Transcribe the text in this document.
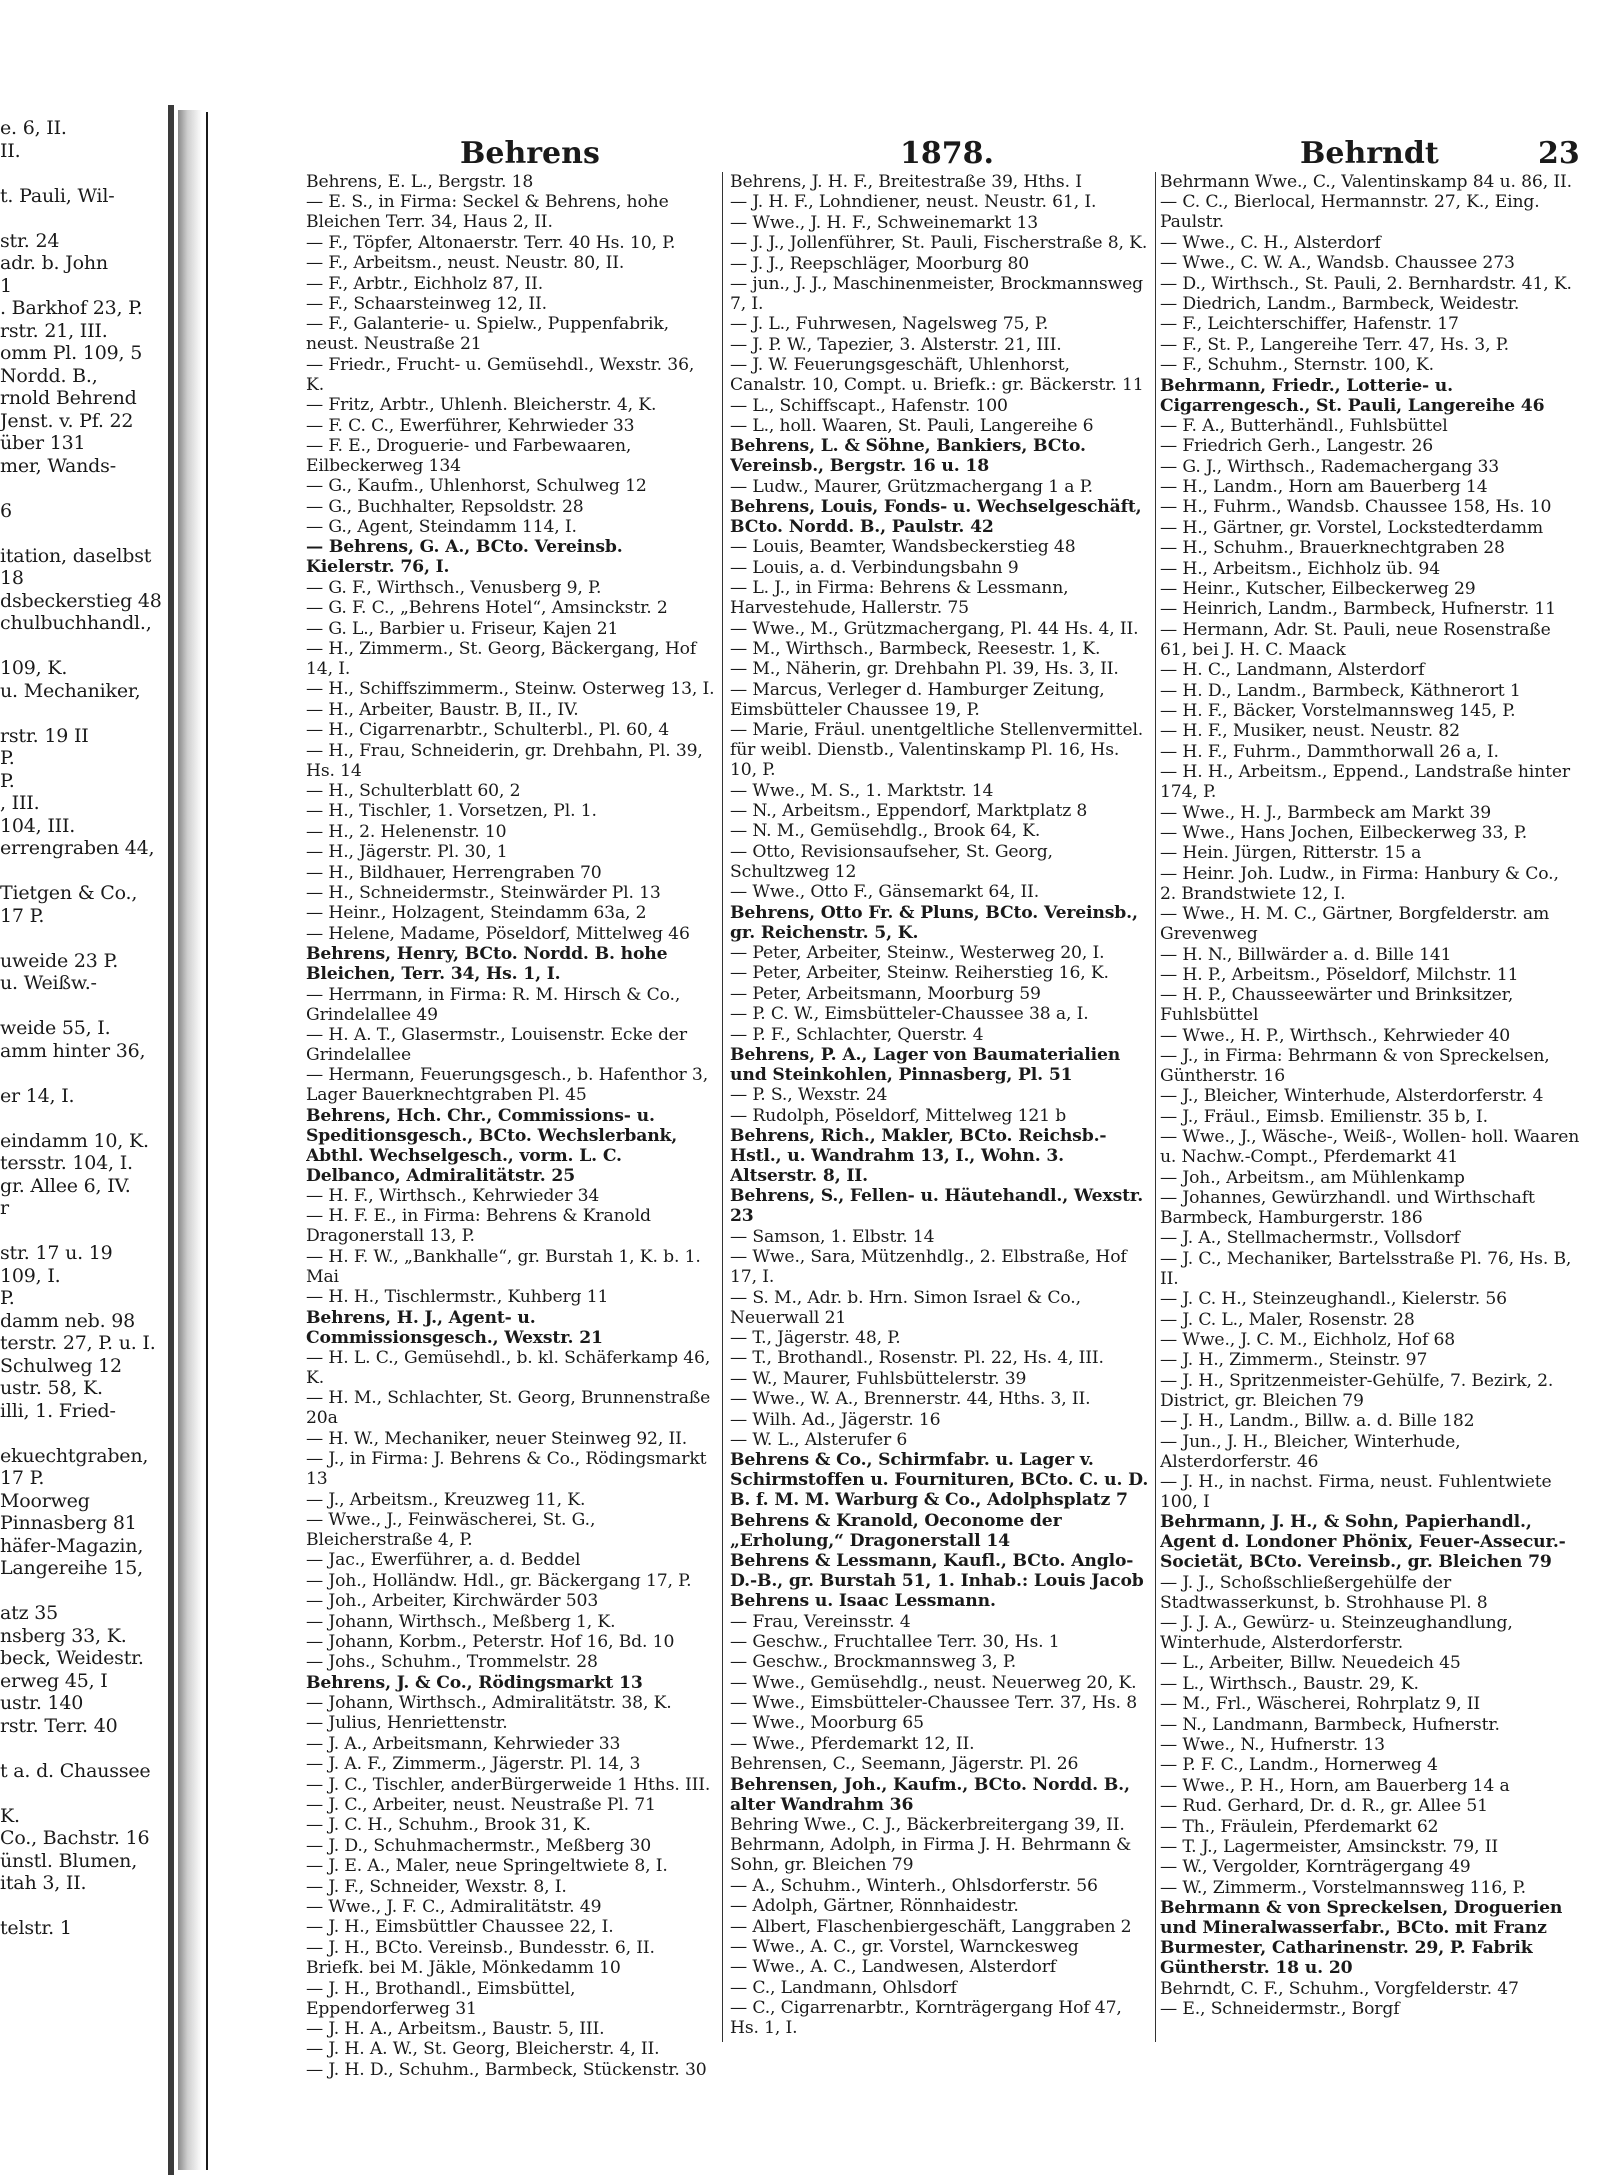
e. 6, II.
II.
t. Pauli, Wil-
str. 24
adr. b. John
1
. Barkhof 23, P.
rstr. 21, III.
omm Pl. 109, 5
Nordd. B.,
rnold Behrend
Jenst. v. Pf. 22
über 131
mer, Wands-
6
itation, daselbst
18
dsbeckerstieg 48
chulbuchhandl.,
109, K.
u. Mechaniker,
rstr. 19 II
P.
P.
, III.
104, III.
errengraben 44,
Tietgen & Co.,
17 P.
uweide 23 P.
u. Weißw.-
weide 55, I.
amm hinter 36,
er 14, I.
eindamm 10, K.
tersstr. 104, I.
gr. Allee 6, IV.
r
str. 17 u. 19
109, I.
P.
damm neb. 98
terstr. 27, P. u. I.
Schulweg 12
ustr. 58, K.
illi, 1. Fried-
ekuechtgraben,
17 P.
Moorweg
Pinnasberg 81
häfer-Magazin,
Langereihe 15,
atz 35
nsberg 33, K.
beck, Weidestr.
erweg 45, I
ustr. 140
rstr. Terr. 40
t a. d. Chaussee
K.
Co., Bachstr. 16
ünstl. Blumen,
itah 3, II.
telstr. 1
Behrens	1878.	Behrndt	23
Behrens, E. L., Bergstr. 18
— E. S., in Firma: Seckel & Behrens, hohe Bleichen Terr. 34, Haus 2, II.
— F., Töpfer, Altonaerstr. Terr. 40 Hs. 10, P.
— F., Arbeitsm., neust. Neustr. 80, II.
— F., Arbtr., Eichholz 87, II.
— F., Schaarsteinweg 12, II.
— F., Galanterie- u. Spielw., Puppenfabrik, neust. Neustraße 21
— Friedr., Frucht- u. Gemüsehdl., Wexstr. 36, K.
— Fritz, Arbtr., Uhlenh. Bleicherstr. 4, K.
— F. C. C., Ewerführer, Kehrwieder 33
— F. E., Droguerie- und Farbewaaren, Eilbeckerweg 134
— G., Kaufm., Uhlenhorst, Schulweg 12
— G., Buchhalter, Repsoldstr. 28
— G., Agent, Steindamm 114, I.
— Behrens, G. A., BCto. Vereinsb. Kielerstr. 76, I.
— G. F., Wirthsch., Venusberg 9, P.
— G. F. C., „Behrens Hotel“, Amsinckstr. 2
— G. L., Barbier u. Friseur, Kajen 21
— H., Zimmerm., St. Georg, Bäckergang, Hof 14, I.
— H., Schiffszimmerm., Steinw. Osterweg 13, I.
— H., Arbeiter, Baustr. B, II., IV.
— H., Cigarrenarbtr., Schulterbl., Pl. 60, 4
— H., Frau, Schneiderin, gr. Drehbahn, Pl. 39, Hs. 14
— H., Schulterblatt 60, 2
— H., Tischler, 1. Vorsetzen, Pl. 1.
— H., 2. Helenenstr. 10
— H., Jägerstr. Pl. 30, 1
— H., Bildhauer, Herrengraben 70
— H., Schneidermstr., Steinwärder Pl. 13
— Heinr., Holzagent, Steindamm 63a, 2
— Helene, Madame, Pöseldorf, Mittelweg 46
Behrens, Henry, BCto. Nordd. B. hohe Bleichen, Terr. 34, Hs. 1, I.
— Herrmann, in Firma: R. M. Hirsch & Co., Grindelallee 49
— H. A. T., Glasermstr., Louisenstr. Ecke der Grindelallee
— Hermann, Feuerungsgesch., b. Hafenthor 3, Lager Bauerknechtgraben Pl. 45
Behrens, Hch. Chr., Commissions- u. Speditionsgesch., BCto. Wechslerbank, Abthl. Wechselgesch., vorm. L. C. Delbanco, Admiralitätstr. 25
— H. F., Wirthsch., Kehrwieder 34
— H. F. E., in Firma: Behrens & Kranold Dragonerstall 13, P.
— H. F. W., „Bankhalle“, gr. Burstah 1, K. b. 1. Mai
— H. H., Tischlermstr., Kuhberg 11
Behrens, H. J., Agent- u. Commissionsgesch., Wexstr. 21
— H. L. C., Gemüsehdl., b. kl. Schäferkamp 46, K.
— H. M., Schlachter, St. Georg, Brunnenstraße 20a
— H. W., Mechaniker, neuer Steinweg 92, II.
— J., in Firma: J. Behrens & Co., Rödingsmarkt 13
— J., Arbeitsm., Kreuzweg 11, K.
— Wwe., J., Feinwäscherei, St. G., Bleicherstraße 4, P.
— Jac., Ewerführer, a. d. Beddel
— Joh., Holländw. Hdl., gr. Bäckergang 17, P.
— Joh., Arbeiter, Kirchwärder 503
— Johann, Wirthsch., Meßberg 1, K.
— Johann, Korbm., Peterstr. Hof 16, Bd. 10
— Johs., Schuhm., Trommelstr. 28
Behrens, J. & Co., Rödingsmarkt 13
— Johann, Wirthsch., Admiralitätstr. 38, K.
— Julius, Henriettenstr.
— J. A., Arbeitsmann, Kehrwieder 33
— J. A. F., Zimmerm., Jägerstr. Pl. 14, 3
— J. C., Tischler, anderBürgerweide 1 Hths. III.
— J. C., Arbeiter, neust. Neustraße Pl. 71
— J. C. H., Schuhm., Brook 31, K.
— J. D., Schuhmachermstr., Meßberg 30
— J. E. A., Maler, neue Springeltwiete 8, I.
— J. F., Schneider, Wexstr. 8, I.
— Wwe., J. F. C., Admiralitätstr. 49
— J. H., Eimsbüttler Chaussee 22, I.
— J. H., BCto. Vereinsb., Bundesstr. 6, II.
Briefk. bei M. Jäkle, Mönkedamm 10
— J. H., Brothandl., Eimsbüttel, Eppendorferweg 31
— J. H. A., Arbeitsm., Baustr. 5, III.
— J. H. A. W., St. Georg, Bleicherstr. 4, II.
— J. H. D., Schuhm., Barmbeck, Stückenstr. 30
Behrens, J. H. F., Breitestraße 39, Hths. I
— J. H. F., Lohndiener, neust. Neustr. 61, I.
— Wwe., J. H. F., Schweinemarkt 13
— J. J., Jollenführer, St. Pauli, Fischerstraße 8, K.
— J. J., Reepschläger, Moorburg 80
— jun., J. J., Maschinenmeister, Brockmannsweg 7, I.
— J. L., Fuhrwesen, Nagelsweg 75, P.
— J. P. W., Tapezier, 3. Alsterstr. 21, III.
— J. W. Feuerungsgeschäft, Uhlenhorst, Canalstr. 10, Compt. u. Briefk.: gr. Bäckerstr. 11
— L., Schiffscapt., Hafenstr. 100
— L., holl. Waaren, St. Pauli, Langereihe 6
Behrens, L. & Söhne, Bankiers, BCto. Vereinsb., Bergstr. 16 u. 18
— Ludw., Maurer, Grützmachergang 1 a P.
Behrens, Louis, Fonds- u. Wechselgeschäft, BCto. Nordd. B., Paulstr. 42
— Louis, Beamter, Wandsbeckerstieg 48
— Louis, a. d. Verbindungsbahn 9
— L. J., in Firma: Behrens & Lessmann, Harvestehude, Hallerstr. 75
— Wwe., M., Grützmachergang, Pl. 44 Hs. 4, II.
— M., Wirthsch., Barmbeck, Reesestr. 1, K.
— M., Näherin, gr. Drehbahn Pl. 39, Hs. 3, II.
— Marcus, Verleger d. Hamburger Zeitung, Eimsbütteler Chaussee 19, P.
— Marie, Fräul. unentgeltliche Stellenvermittel. für weibl. Dienstb., Valentinskamp Pl. 16, Hs. 10, P.
— Wwe., M. S., 1. Marktstr. 14
— N., Arbeitsm., Eppendorf, Marktplatz 8
— N. M., Gemüsehdlg., Brook 64, K.
— Otto, Revisionsaufseher, St. Georg, Schultzweg 12
— Wwe., Otto F., Gänsemarkt 64, II.
Behrens, Otto Fr. & Pluns, BCto. Vereinsb., gr. Reichenstr. 5, K.
— Peter, Arbeiter, Steinw., Westerweg 20, I.
— Peter, Arbeiter, Steinw. Reiherstieg 16, K.
— Peter, Arbeitsmann, Moorburg 59
— P. C. W., Eimsbütteler-Chaussee 38 a, I.
— P. F., Schlachter, Querstr. 4
Behrens, P. A., Lager von Baumaterialien und Steinkohlen, Pinnasberg, Pl. 51
— P. S., Wexstr. 24
— Rudolph, Pöseldorf, Mittelweg 121 b
Behrens, Rich., Makler, BCto. Reichsb.-Hstl., u. Wandrahm 13, I., Wohn. 3. Altserstr. 8, II.
Behrens, S., Fellen- u. Häutehandl., Wexstr. 23
— Samson, 1. Elbstr. 14
— Wwe., Sara, Mützenhdlg., 2. Elbstraße, Hof 17, I.
— S. M., Adr. b. Hrn. Simon Israel & Co., Neuerwall 21
— T., Jägerstr. 48, P.
— T., Brothandl., Rosenstr. Pl. 22, Hs. 4, III.
— W., Maurer, Fuhlsbüttelerstr. 39
— Wwe., W. A., Brennerstr. 44, Hths. 3, II.
— Wilh. Ad., Jägerstr. 16
— W. L., Alsterufer 6
Behrens & Co., Schirmfabr. u. Lager v. Schirmstoffen u. Fournituren, BCto. C. u. D. B. f. M. M. Warburg & Co., Adolphsplatz 7
Behrens & Kranold, Oeconome der „Erholung,“ Dragonerstall 14
Behrens & Lessmann, Kaufl., BCto. Anglo-D.-B., gr. Burstah 51, 1. Inhab.: Louis Jacob Behrens u. Isaac Lessmann.
— Frau, Vereinsstr. 4
— Geschw., Fruchtallee Terr. 30, Hs. 1
— Geschw., Brockmannsweg 3, P.
— Wwe., Gemüsehdlg., neust. Neuerweg 20, K.
— Wwe., Eimsbütteler-Chaussee Terr. 37, Hs. 8
— Wwe., Moorburg 65
— Wwe., Pferdemarkt 12, II.
Behrensen, C., Seemann, Jägerstr. Pl. 26
Behrensen, Joh., Kaufm., BCto. Nordd. B., alter Wandrahm 36
Behring Wwe., C. J., Bäckerbreitergang 39, II.
Behrmann, Adolph, in Firma J. H. Behrmann & Sohn, gr. Bleichen 79
— A., Schuhm., Winterh., Ohlsdorferstr. 56
— Adolph, Gärtner, Rönnhaidestr.
— Albert, Flaschenbiergeschäft, Langgraben 2
— Wwe., A. C., gr. Vorstel, Warnckesweg
— Wwe., A. C., Landwesen, Alsterdorf
— C., Landmann, Ohlsdorf
— C., Cigarrenarbtr., Kornträgergang Hof 47, Hs. 1, I.
Behrmann Wwe., C., Valentinskamp 84 u. 86, II.
— C. C., Bierlocal, Hermannstr. 27, K., Eing. Paulstr.
— Wwe., C. H., Alsterdorf
— Wwe., C. W. A., Wandsb. Chaussee 273
— D., Wirthsch., St. Pauli, 2. Bernhardstr. 41, K.
— Diedrich, Landm., Barmbeck, Weidestr.
— F., Leichterschiffer, Hafenstr. 17
— F., St. P., Langereihe Terr. 47, Hs. 3, P.
— F., Schuhm., Sternstr. 100, K.
Behrmann, Friedr., Lotterie- u. Cigarrengesch., St. Pauli, Langereihe 46
— F. A., Butterhändl., Fuhlsbüttel
— Friedrich Gerh., Langestr. 26
— G. J., Wirthsch., Rademachergang 33
— H., Landm., Horn am Bauerberg 14
— H., Fuhrm., Wandsb. Chaussee 158, Hs. 10
— H., Gärtner, gr. Vorstel, Lockstedterdamm
— H., Schuhm., Brauerknechtgraben 28
— H., Arbeitsm., Eichholz üb. 94
— Heinr., Kutscher, Eilbeckerweg 29
— Heinrich, Landm., Barmbeck, Hufnerstr. 11
— Hermann, Adr. St. Pauli, neue Rosenstraße 61, bei J. H. C. Maack
— H. C., Landmann, Alsterdorf
— H. D., Landm., Barmbeck, Käthnerort 1
— H. F., Bäcker, Vorstelmannsweg 145, P.
— H. F., Musiker, neust. Neustr. 82
— H. F., Fuhrm., Dammthorwall 26 a, I.
— H. H., Arbeitsm., Eppend., Landstraße hinter 174, P.
— Wwe., H. J., Barmbeck am Markt 39
— Wwe., Hans Jochen, Eilbeckerweg 33, P.
— Hein. Jürgen, Ritterstr. 15 a
— Heinr. Joh. Ludw., in Firma: Hanbury & Co., 2. Brandstwiete 12, I.
— Wwe., H. M. C., Gärtner, Borgfelderstr. am Grevenweg
— H. N., Billwärder a. d. Bille 141
— H. P., Arbeitsm., Pöseldorf, Milchstr. 11
— H. P., Chausseewärter und Brinksitzer, Fuhlsbüttel
— Wwe., H. P., Wirthsch., Kehrwieder 40
— J., in Firma: Behrmann & von Spreckelsen, Güntherstr. 16
— J., Bleicher, Winterhude, Alsterdorferstr. 4
— J., Fräul., Eimsb. Emilienstr. 35 b, I.
— Wwe., J., Wäsche-, Weiß-, Wollen- holl. Waaren u. Nachw.-Compt., Pferdemarkt 41
— Joh., Arbeitsm., am Mühlenkamp
— Johannes, Gewürzhandl. und Wirthschaft Barmbeck, Hamburgerstr. 186
— J. A., Stellmachermstr., Vollsdorf
— J. C., Mechaniker, Bartelsstraße Pl. 76, Hs. B, II.
— J. C. H., Steinzeughandl., Kielerstr. 56
— J. C. L., Maler, Rosenstr. 28
— Wwe., J. C. M., Eichholz, Hof 68
— J. H., Zimmerm., Steinstr. 97
— J. H., Spritzenmeister-Gehülfe, 7. Bezirk, 2. District, gr. Bleichen 79
— J. H., Landm., Billw. a. d. Bille 182
— Jun., J. H., Bleicher, Winterhude, Alsterdorferstr. 46
— J. H., in nachst. Firma, neust. Fuhlentwiete 100, I
Behrmann, J. H., & Sohn, Papierhandl., Agent d. Londoner Phönix, Feuer-Assecur.-Societät, BCto. Vereinsb., gr. Bleichen 79
— J. J., Schoßschließergehülfe der Stadtwasserkunst, b. Strohhause Pl. 8
— J. J. A., Gewürz- u. Steinzeughandlung, Winterhude, Alsterdorferstr.
— L., Arbeiter, Billw. Neuedeich 45
— L., Wirthsch., Baustr. 29, K.
— M., Frl., Wäscherei, Rohrplatz 9, II
— N., Landmann, Barmbeck, Hufnerstr.
— Wwe., N., Hufnerstr. 13
— P. F. C., Landm., Hornerweg 4
— Wwe., P. H., Horn, am Bauerberg 14 a
— Rud. Gerhard, Dr. d. R., gr. Allee 51
— Th., Fräulein, Pferdemarkt 62
— T. J., Lagermeister, Amsinckstr. 79, II
— W., Vergolder, Kornträgergang 49
— W., Zimmerm., Vorstelmannsweg 116, P.
Behrmann & von Spreckelsen, Droguerien und Mineralwasserfabr., BCto. mit Franz Burmester, Catharinenstr. 29, P. Fabrik Güntherstr. 18 u. 20
Behrndt, C. F., Schuhm., Vorgfelderstr. 47
— E., Schneidermstr., Borgf
